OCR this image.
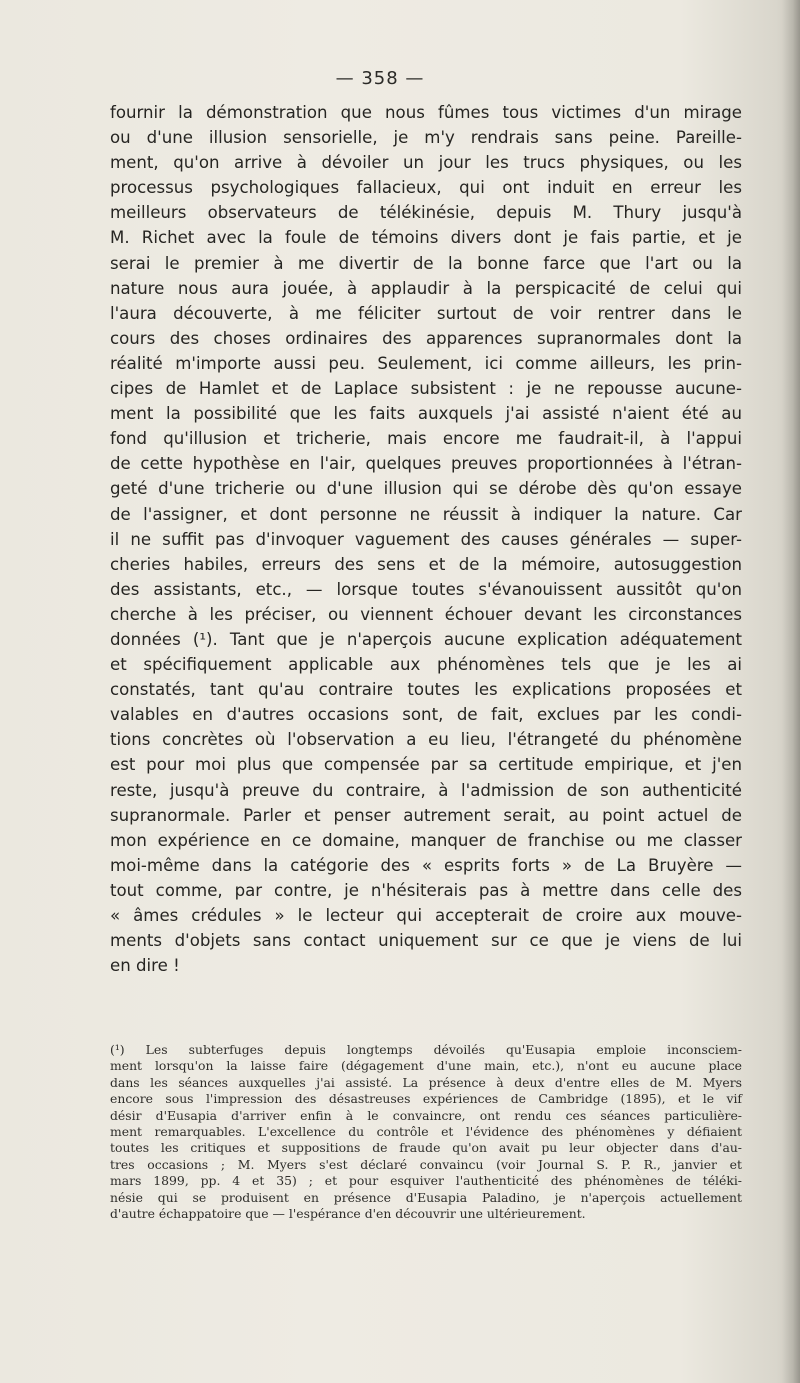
— 358 —
fournir la démonstration que nous fûmes tous victimes d'un mirage
ou d'une illusion sensorielle, je m'y rendrais sans peine. Pareille-
ment, qu'on arrive à dévoiler un jour les trucs physiques, ou les
processus psychologiques fallacieux, qui ont induit en erreur les
meilleurs observateurs de télékinésie, depuis M. Thury jusqu'à
M. Richet avec la foule de témoins divers dont je fais partie, et je
serai le premier à me divertir de la bonne farce que l'art ou la
nature nous aura jouée, à applaudir à la perspicacité de celui qui
l'aura découverte, à me féliciter surtout de voir rentrer dans le
cours des choses ordinaires des apparences supranormales dont la
réalité m'importe aussi peu. Seulement, ici comme ailleurs, les prin-
cipes de Hamlet et de Laplace subsistent : je ne repousse aucune-
ment la possibilité que les faits auxquels j'ai assisté n'aient été au
fond qu'illusion et tricherie, mais encore me faudrait-il, à l'appui
de cette hypothèse en l'air, quelques preuves proportionnées à l'étran-
geté d'une tricherie ou d'une illusion qui se dérobe dès qu'on essaye
de l'assigner, et dont personne ne réussit à indiquer la nature. Car
il ne suffit pas d'invoquer vaguement des causes générales — super-
cheries habiles, erreurs des sens et de la mémoire, autosuggestion
des assistants, etc., — lorsque toutes s'évanouissent aussitôt qu'on
cherche à les préciser, ou viennent échouer devant les circonstances
données (¹). Tant que je n'aperçois aucune explication adéquatement
et spécifiquement applicable aux phénomènes tels que je les ai
constatés, tant qu'au contraire toutes les explications proposées et
valables en d'autres occasions sont, de fait, exclues par les condi-
tions concrètes où l'observation a eu lieu, l'étrangeté du phénomène
est pour moi plus que compensée par sa certitude empirique, et j'en
reste, jusqu'à preuve du contraire, à l'admission de son authenticité
supranormale. Parler et penser autrement serait, au point actuel de
mon expérience en ce domaine, manquer de franchise ou me classer
moi-même dans la catégorie des « esprits forts » de La Bruyère —
tout comme, par contre, je n'hésiterais pas à mettre dans celle des
« âmes crédules » le lecteur qui accepterait de croire aux mouve-
ments d'objets sans contact uniquement sur ce que je viens de lui
en dire !
(¹) Les subterfuges depuis longtemps dévoilés qu'Eusapia emploie inconsciem-
ment lorsqu'on la laisse faire (dégagement d'une main, etc.), n'ont eu aucune place
dans les séances auxquelles j'ai assisté. La présence à deux d'entre elles de M. Myers
encore sous l'impression des désastreuses expériences de Cambridge (1895), et le vif
désir d'Eusapia d'arriver enfin à le convaincre, ont rendu ces séances particulière-
ment remarquables. L'excellence du contrôle et l'évidence des phénomènes y défiaient
toutes les critiques et suppositions de fraude qu'on avait pu leur objecter dans d'au-
tres occasions ; M. Myers s'est déclaré convaincu (voir Journal S. P. R., janvier et
mars 1899, pp. 4 et 35) ; et pour esquiver l'authenticité des phénomènes de téléki-
nésie qui se produisent en présence d'Eusapia Paladino, je n'aperçois actuellement
d'autre échappatoire que — l'espérance d'en découvrir une ultérieurement.
